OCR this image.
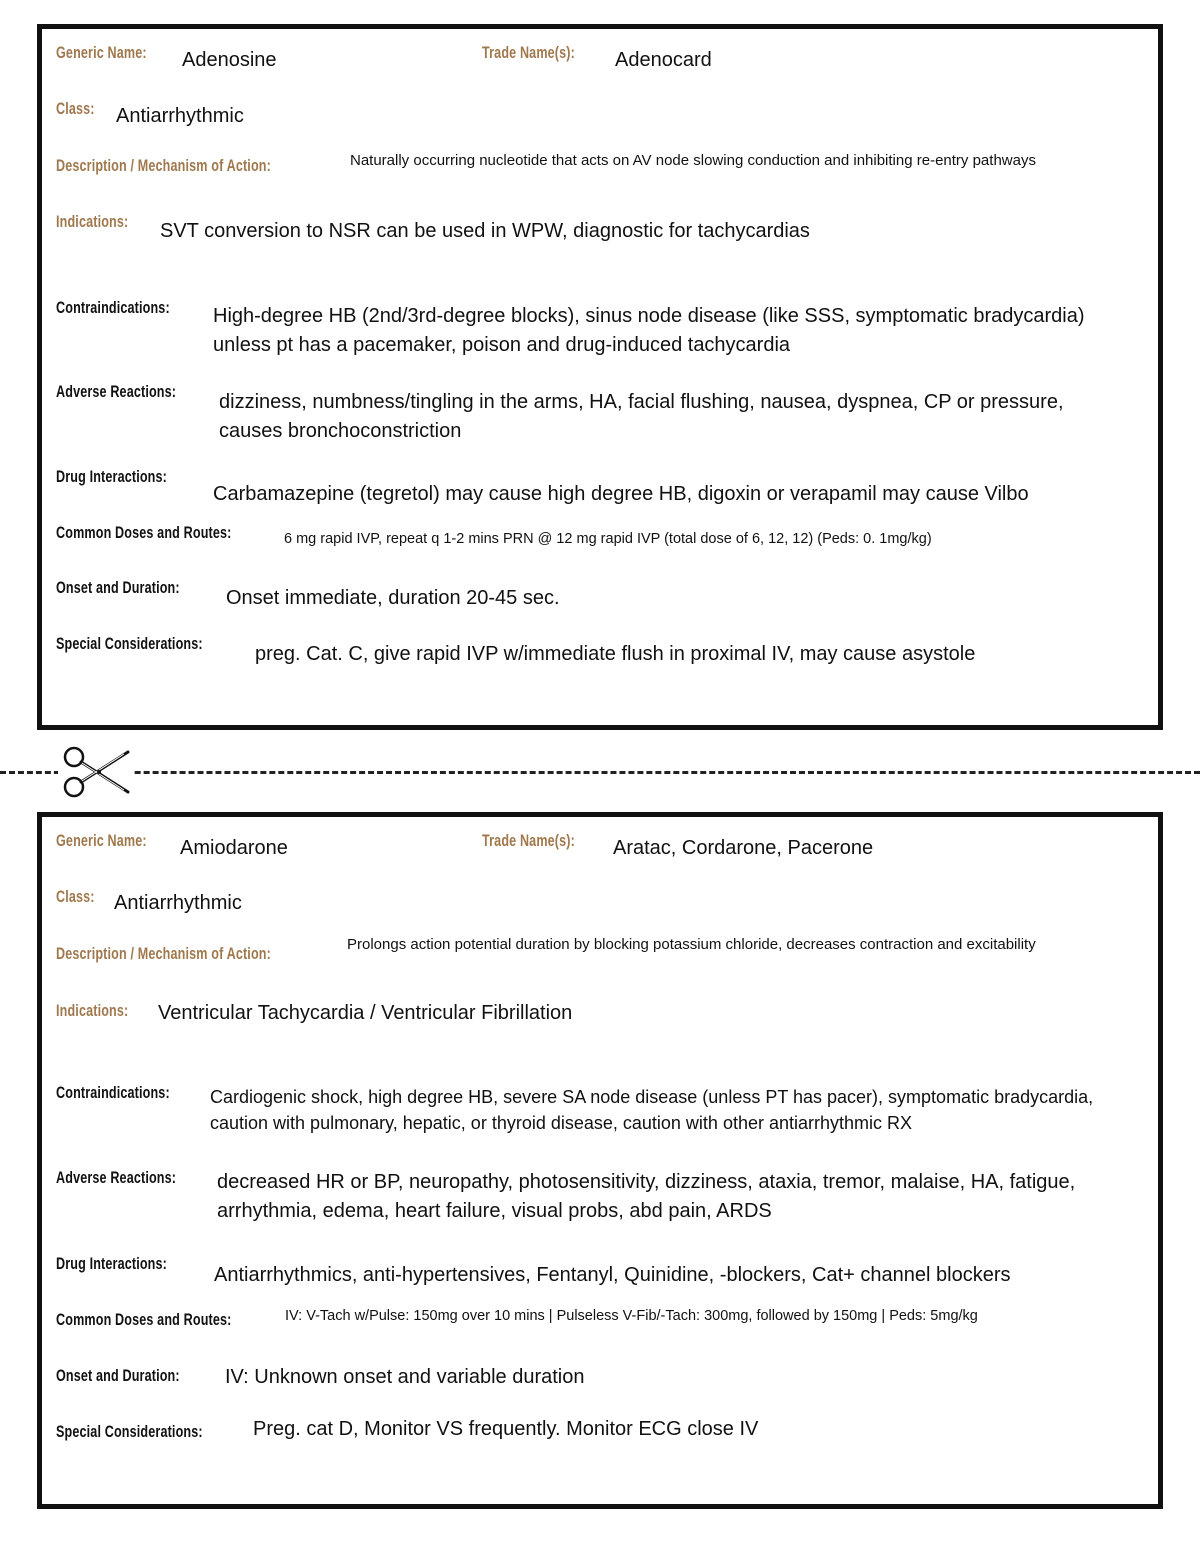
Generic Name: Adenosine	Trade Name(s): Adenocard
Class: Antiarrhythmic
Description / Mechanism of Action:	Naturally occurring nucleotide that acts on AV node slowing conduction and inhibiting re-entry pathways
Indications: SVT conversion to NSR can be used in WPW, diagnostic for tachycardias
Contraindications: High-degree HB (2nd/3rd-degree blocks), sinus node disease (like SSS, symptomatic bradycardia) unless pt has a pacemaker, poison and drug-induced tachycardia
Adverse Reactions: dizziness, numbness/tingling in the arms, HA, facial flushing, nausea, dyspnea, CP or pressure, causes bronchoconstriction
Drug Interactions:
Carbamazepine (tegretol) may cause high degree HB, digoxin or verapamil may cause Vilbo
Common Doses and Routes:	6 mg rapid IVP, repeat q 1-2 mins PRN @ 12 mg rapid IVP (total dose of 6, 12, 12) (Peds: 0. 1mg/kg)
Onset and Duration: Onset immediate, duration 20-45 sec.
Special Considerations:	preg. Cat. C, give rapid IVP w/immediate flush in proximal IV, may cause asystole
Generic Name: Amiodarone	Trade Name(s): Aratac, Cordarone, Pacerone
Class: Antiarrhythmic
Description / Mechanism of Action:	Prolongs action potential duration by blocking potassium chloride, decreases contraction and excitability
Indications: Ventricular Tachycardia / Ventricular Fibrillation
Contraindications: Cardiogenic shock, high degree HB, severe SA node disease (unless PT has pacer), symptomatic bradycardia, caution with pulmonary, hepatic, or thyroid disease, caution with other antiarrhythmic RX
Adverse Reactions: decreased HR or BP, neuropathy, photosensitivity, dizziness, ataxia, tremor, malaise, HA, fatigue, arrhythmia, edema, heart failure, visual probs, abd pain, ARDS
Drug Interactions:
Antiarrhythmics, anti-hypertensives, Fentanyl, Quinidine, -blockers, Cat+ channel blockers
Common Doses and Routes:	IV: V-Tach w/Pulse: 150mg over 10 mins | Pulseless V-Fib/-Tach: 300mg, followed by 150mg | Peds: 5mg/kg
Onset and Duration: IV: Unknown onset and variable duration
Special Considerations:	Preg. cat D, Monitor VS frequently. Monitor ECG close IV
